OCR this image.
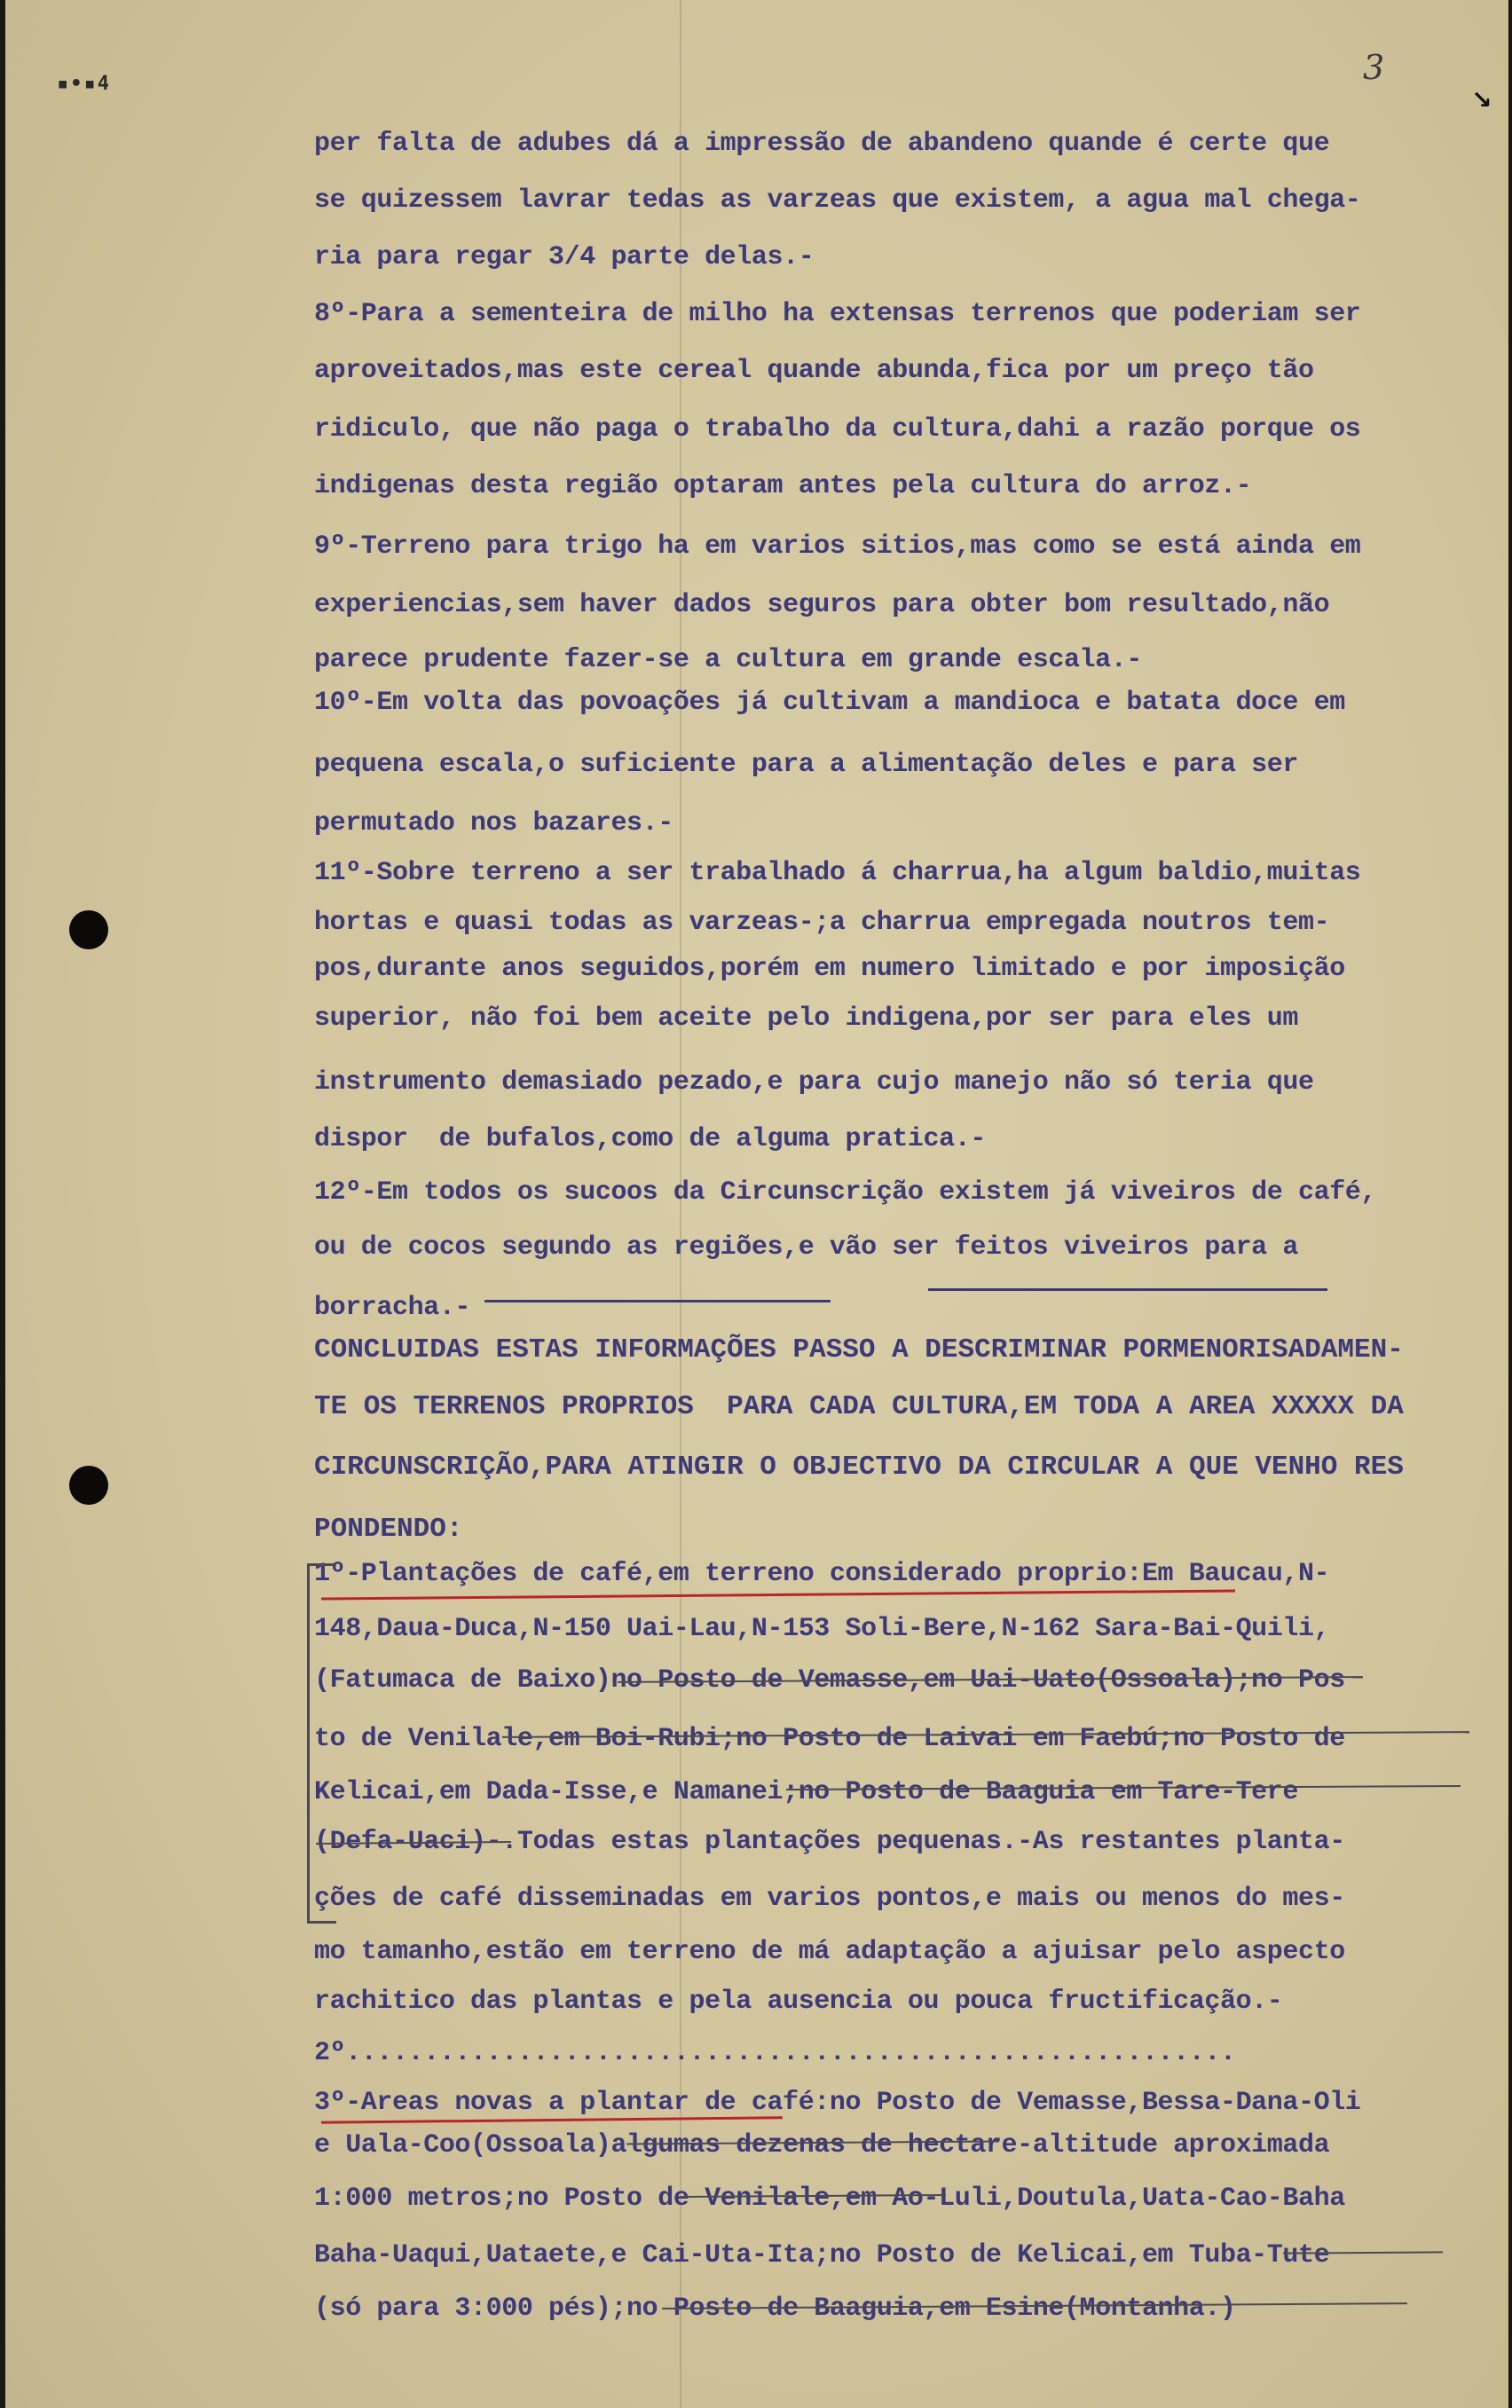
▪•▪4	3
↘

per falta de adubes dá a impressão de abandeno quande é certe que

se quizessem lavrar tedas as varzeas que existem, a agua mal chega-

ria para regar 3/4 parte delas.-

8º-Para a sementeira de milho ha extensas terrenos que poderiam ser

aproveitados,mas este cereal quande abunda,fica por um preço tão

ridiculo, que não paga o trabalho da cultura,dahi a razão porque os

indigenas desta região optaram antes pela cultura do arroz.-

9º-Terreno para trigo ha em varios sitios,mas como se está ainda em

experiencias,sem haver dados seguros para obter bom resultado,não

parece prudente fazer-se a cultura em grande escala.-

10º-Em volta das povoações já cultivam a mandioca e batata doce em

pequena escala,o suficiente para a alimentação deles e para ser

permutado nos bazares.-

11º-Sobre terreno a ser trabalhado á charrua,ha algum baldio,muitas

hortas e quasi todas as varzeas-;a charrua empregada noutros tem-

pos,durante anos seguidos,porém em numero limitado e por imposição

superior, não foi bem aceite pelo indigena,por ser para eles um

instrumento demasiado pezado,e para cujo manejo não só teria que

dispor  de bufalos,como de alguma pratica.-

12º-Em todos os sucoos da Circunscrição existem já viveiros de café,

ou de cocos segundo as regiões,e vão ser feitos viveiros para a

borracha.-

CONCLUIDAS ESTAS INFORMAÇÕES PASSO A DESCRIMINAR PORMENORISADAMEN-

TE OS TERRENOS PROPRIOS  PARA CADA CULTURA,EM TODA A AREA XXXXX DA

CIRCUNSCRIÇÃO,PARA ATINGIR O OBJECTIVO DA CIRCULAR A QUE VENHO RES

PONDENDO:

1º-Plantações de café,em terreno considerado proprio:Em Baucau,N-

148,Daua-Duca,N-150 Uai-Lau,N-153 Soli-Bere,N-162 Sara-Bai-Quili,

(Fatumaca de Baixo)no Posto de Vemasse,em Uai-Uato(Ossoala);no Pos

to de Venilale,em Boi-Rubi;no Posto de Laivai em Faebú;no Posto de

Kelicai,em Dada-Isse,e Namanei;no Posto de Baaguia em Tare-Tere

(Defa-Uaci)-.Todas estas plantações pequenas.-As restantes planta-

ções de café disseminadas em varios pontos,e mais ou menos do mes-

mo tamanho,estão em terreno de má adaptação a ajuisar pelo aspecto

rachitico das plantas e pela ausencia ou pouca fructificação.-

2º.........................................................

3º-Areas novas a plantar de café:no Posto de Vemasse,Bessa-Dana-Oli

e Uala-Coo(Ossoala)algumas dezenas de hectare-altitude aproximada

1:000 metros;no Posto de Venilale,em Ao-Luli,Doutula,Uata-Cao-Baha

Baha-Uaqui,Uataete,e Cai-Uta-Ita;no Posto de Kelicai,em Tuba-Tute

(só para 3:000 pés);no Posto de Baaguia,em Esine(Montanha.)
